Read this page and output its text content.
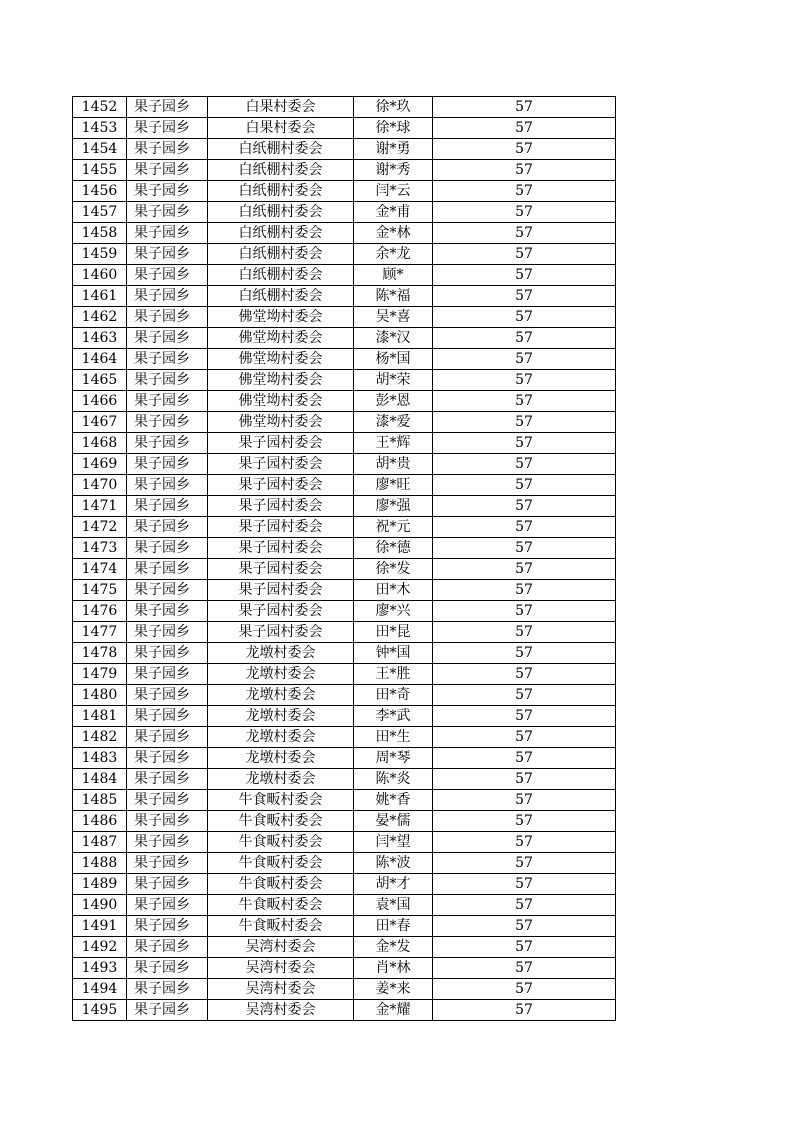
1452	果子园乡	白果村委会	徐*玖	57
1453	果子园乡	白果村委会	徐*球	57
1454	果子园乡	白纸棚村委会	谢*勇	57
1455	果子园乡	白纸棚村委会	谢*秀	57
1456	果子园乡	白纸棚村委会	闫*云	57
1457	果子园乡	白纸棚村委会	金*甫	57
1458	果子园乡	白纸棚村委会	金*林	57
1459	果子园乡	白纸棚村委会	余*龙	57
1460	果子园乡	白纸棚村委会	顾*	57
1461	果子园乡	白纸棚村委会	陈*福	57
1462	果子园乡	佛堂坳村委会	吴*喜	57
1463	果子园乡	佛堂坳村委会	漆*汉	57
1464	果子园乡	佛堂坳村委会	杨*国	57
1465	果子园乡	佛堂坳村委会	胡*荣	57
1466	果子园乡	佛堂坳村委会	彭*恩	57
1467	果子园乡	佛堂坳村委会	漆*爱	57
1468	果子园乡	果子园村委会	王*辉	57
1469	果子园乡	果子园村委会	胡*贵	57
1470	果子园乡	果子园村委会	廖*旺	57
1471	果子园乡	果子园村委会	廖*强	57
1472	果子园乡	果子园村委会	祝*元	57
1473	果子园乡	果子园村委会	徐*德	57
1474	果子园乡	果子园村委会	徐*发	57
1475	果子园乡	果子园村委会	田*木	57
1476	果子园乡	果子园村委会	廖*兴	57
1477	果子园乡	果子园村委会	田*昆	57
1478	果子园乡	龙墩村委会	钟*国	57
1479	果子园乡	龙墩村委会	王*胜	57
1480	果子园乡	龙墩村委会	田*奇	57
1481	果子园乡	龙墩村委会	李*武	57
1482	果子园乡	龙墩村委会	田*生	57
1483	果子园乡	龙墩村委会	周*琴	57
1484	果子园乡	龙墩村委会	陈*炎	57
1485	果子园乡	牛食畈村委会	姚*香	57
1486	果子园乡	牛食畈村委会	晏*儒	57
1487	果子园乡	牛食畈村委会	闫*望	57
1488	果子园乡	牛食畈村委会	陈*波	57
1489	果子园乡	牛食畈村委会	胡*才	57
1490	果子园乡	牛食畈村委会	袁*国	57
1491	果子园乡	牛食畈村委会	田*春	57
1492	果子园乡	吴湾村委会	金*发	57
1493	果子园乡	吴湾村委会	肖*林	57
1494	果子园乡	吴湾村委会	姜*来	57
1495	果子园乡	吴湾村委会	金*耀	57
